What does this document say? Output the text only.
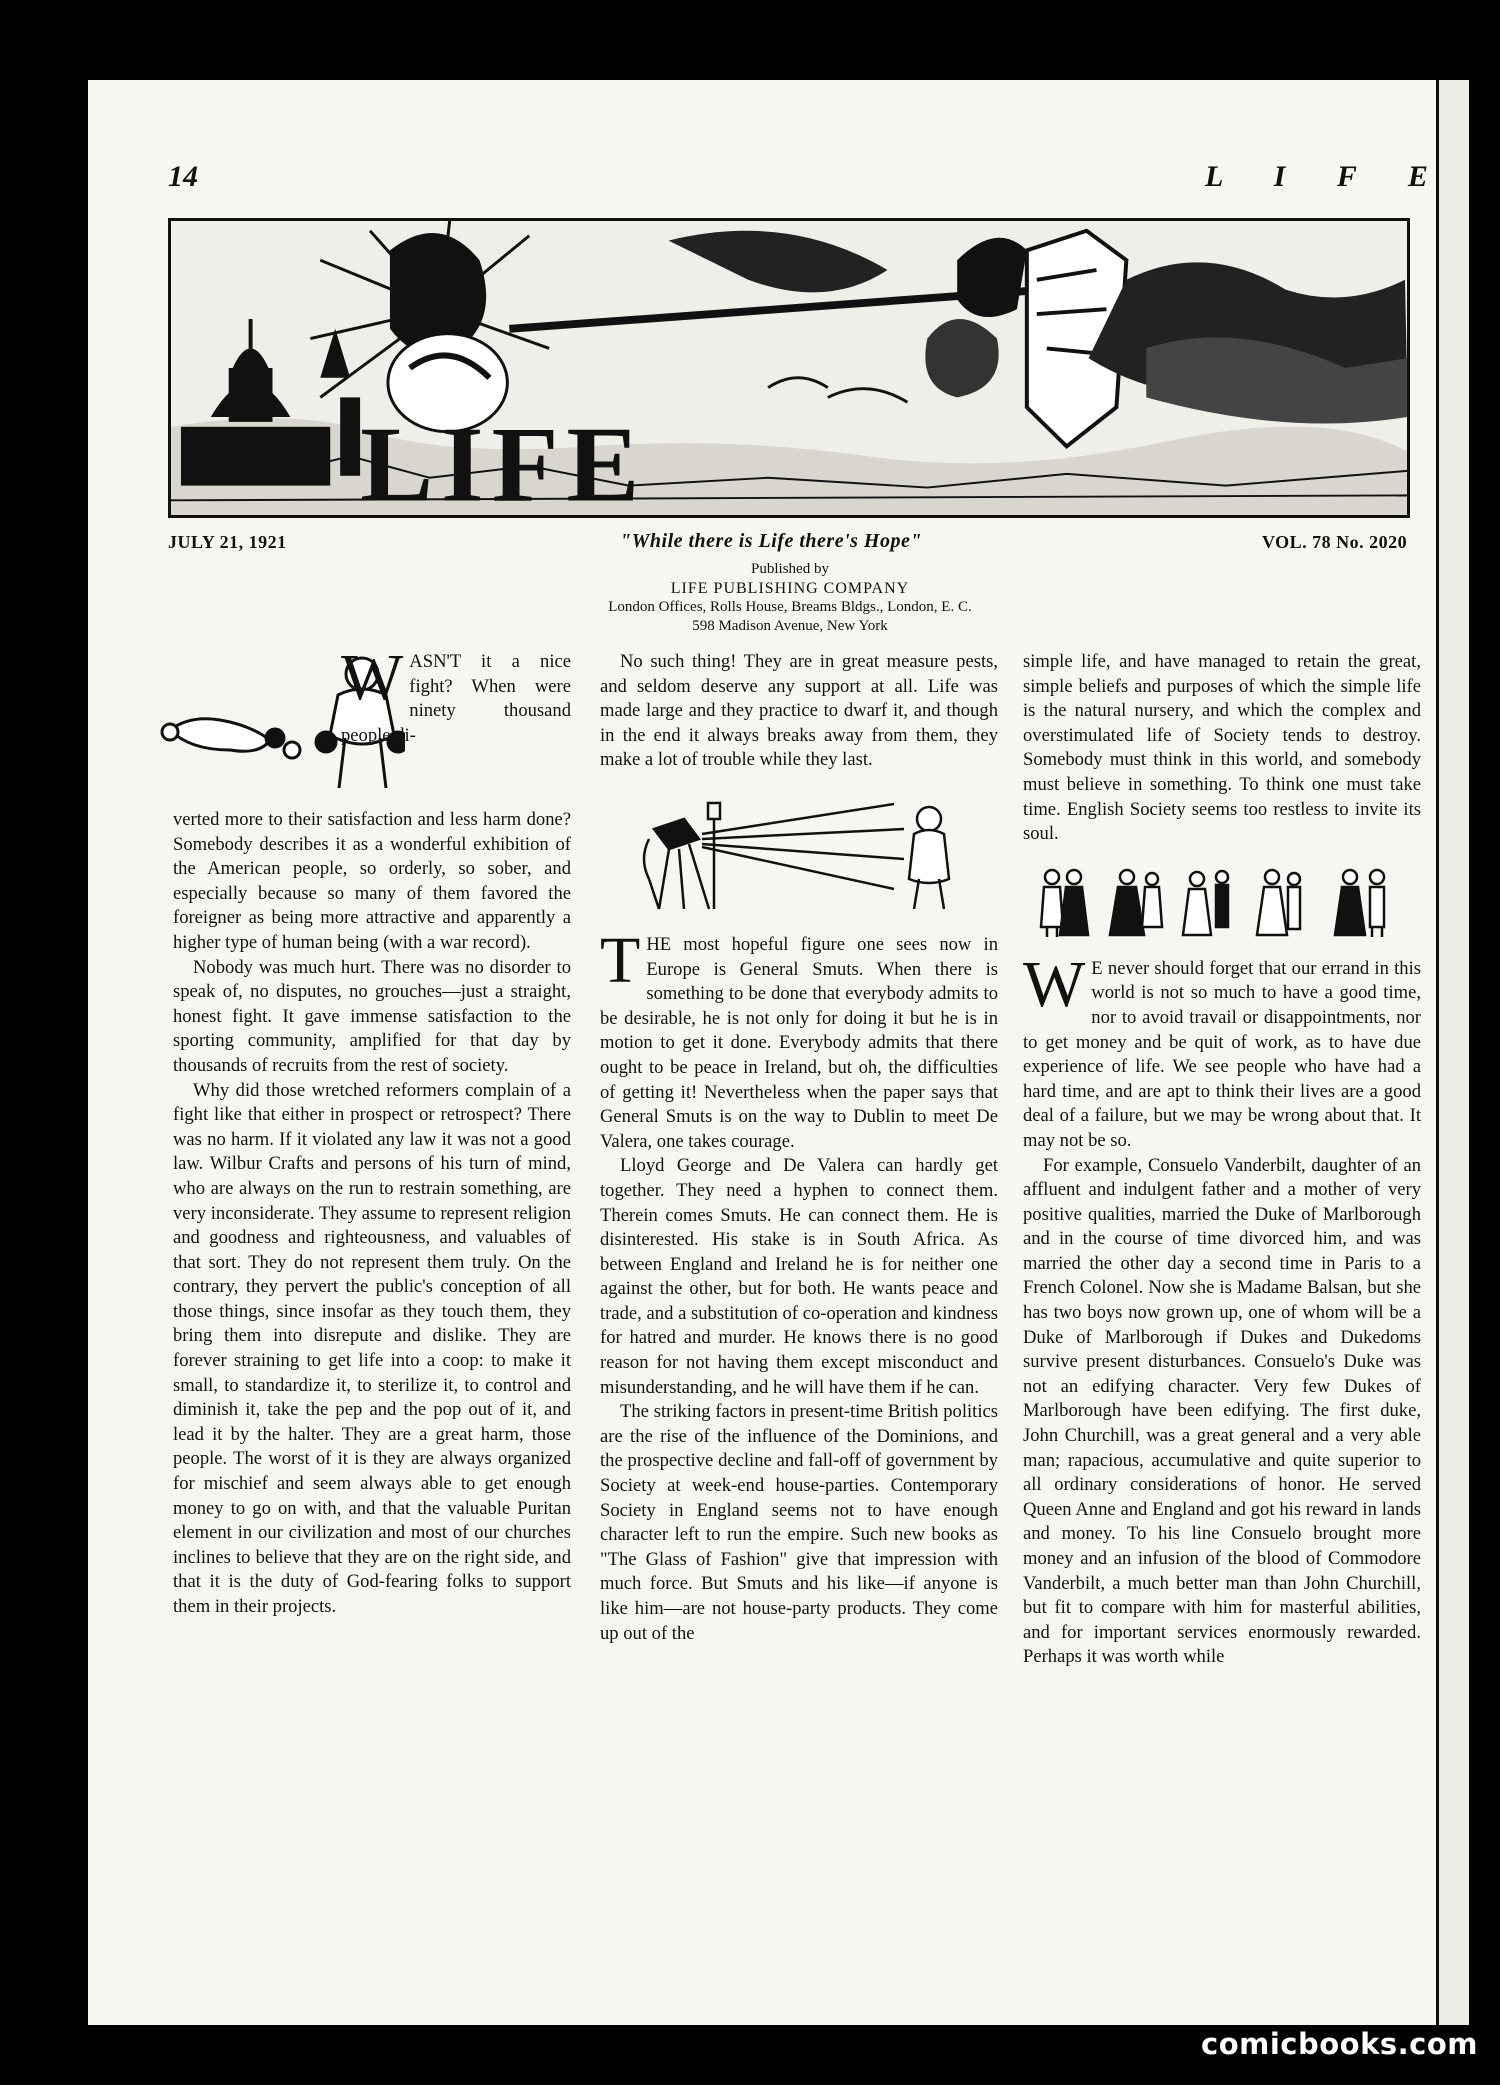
14	L I F E
LIFE
JULY 21, 1921	"While there is Life there's Hope"	VOL. 78 No. 2020
Published by
LIFE PUBLISHING COMPANY
London Offices, Rolls House, Breams Bldgs., London, E. C.
598 Madison Avenue, New York
WASN'T it a nice fight? When were ninety thousand people di-

verted more to their satisfaction and less harm done? Somebody describes it as a wonderful exhibition of the American people, so orderly, so sober, and especially because so many of them favored the foreigner as being more attractive and apparently a higher type of human being (with a war record).

Nobody was much hurt. There was no disorder to speak of, no disputes, no grouches—just a straight, honest fight. It gave immense satisfaction to the sporting community, amplified for that day by thousands of recruits from the rest of society.

Why did those wretched reformers complain of a fight like that either in prospect or retrospect? There was no harm. If it violated any law it was not a good law. Wilbur Crafts and persons of his turn of mind, who are always on the run to restrain something, are very inconsiderate. They assume to represent religion and goodness and righteousness, and valuables of that sort. They do not represent them truly. On the contrary, they pervert the public's conception of all those things, since insofar as they touch them, they bring them into disrepute and dislike. They are forever straining to get life into a coop: to make it small, to standardize it, to sterilize it, to control and diminish it, take the pep and the pop out of it, and lead it by the halter. They are a great harm, those people. The worst of it is they are always organized for mischief and seem always able to get enough money to go on with, and that the valuable Puritan element in our civilization and most of our churches inclines to believe that they are on the right side, and that it is the duty of God-fearing folks to support them in their projects.

No such thing! They are in great measure pests, and seldom deserve any support at all. Life was made large and they practice to dwarf it, and though in the end it always breaks away from them, they make a lot of trouble while they last.

THE most hopeful figure one sees now in Europe is General Smuts. When there is something to be done that everybody admits to be desirable, he is not only for doing it but he is in motion to get it done. Everybody admits that there ought to be peace in Ireland, but oh, the difficulties of getting it! Nevertheless when the paper says that General Smuts is on the way to Dublin to meet De Valera, one takes courage.

Lloyd George and De Valera can hardly get together. They need a hyphen to connect them. Therein comes Smuts. He can connect them. He is disinterested. His stake is in South Africa. As between England and Ireland he is for neither one against the other, but for both. He wants peace and trade, and a substitution of co-operation and kindness for hatred and murder. He knows there is no good reason for not having them except misconduct and misunderstanding, and he will have them if he can.

The striking factors in present-time British politics are the rise of the influence of the Dominions, and the prospective decline and fall-off of government by Society at week-end house-parties. Contemporary Society in England seems not to have enough character left to run the empire. Such new books as "The Glass of Fashion" give that impression with much force. But Smuts and his like—if anyone is like him—are not house-party products. They come up out of the

simple life, and have managed to retain the great, simple beliefs and purposes of which the simple life is the natural nursery, and which the complex and overstimulated life of Society tends to destroy. Somebody must think in this world, and somebody must believe in something. To think one must take time. English Society seems too restless to invite its soul.

W E never should forget that our errand in this world is not so much to have a good time, nor to avoid travail or disappointments, nor to get money and be quit of work, as to have due experience of life. We see people who have had a hard time, and are apt to think their lives are a good deal of a failure, but we may be wrong about that. It may not be so.

For example, Consuelo Vanderbilt, daughter of an affluent and indulgent father and a mother of very positive qualities, married the Duke of Marlborough and in the course of time divorced him, and was married the other day a second time in Paris to a French Colonel. Now she is Madame Balsan, but she has two boys now grown up, one of whom will be a Duke of Marlborough if Dukes and Dukedoms survive present disturbances. Consuelo's Duke was not an edifying character. Very few Dukes of Marlborough have been edifying. The first duke, John Churchill, was a great general and a very able man; rapacious, accumulative and quite superior to all ordinary considerations of honor. He served Queen Anne and England and got his reward in lands and money. To his line Consuelo brought more money and an infusion of the blood of Commodore Vanderbilt, a much better man than John Churchill, but fit to compare with him for masterful abilities, and for important services enormously rewarded. Perhaps it was worth while

comicbooks.com
